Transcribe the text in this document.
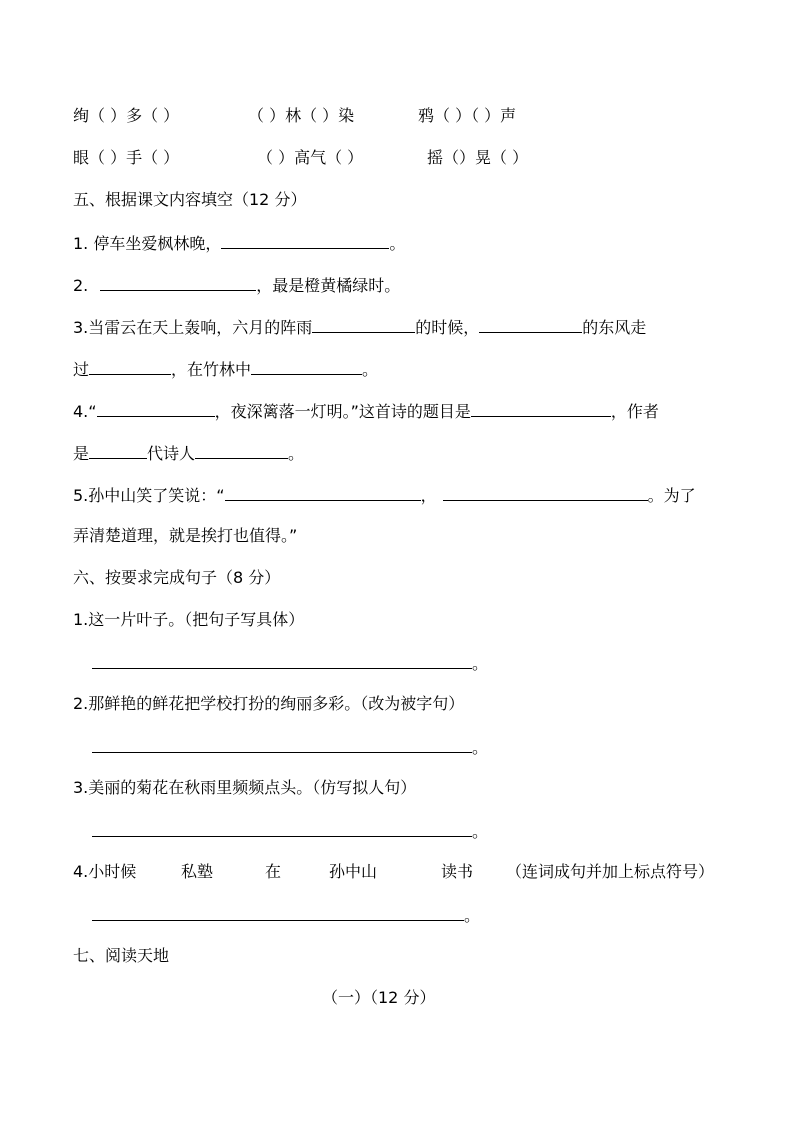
绚（ ）多（ ）	（ ）林（ ）染	鸦（ ）（ ）声
眼（ ）手（ ）	（ ）高气（ ）	摇（）晃（ ）
五、根据课文内容填空（12 分）
1. 停车坐爱枫林晚，	。
2.	，最是橙黄橘绿时。
3.当雷云在天上轰响，六月的阵雨	的时候，	的东风走
过	，在竹林中	。
4.“	，夜深篱落一灯明。”这首诗的题目是	，作者
是	代诗人	。
5.孙中山笑了笑说：“	，	。为了
弄清楚道理，就是挨打也值得。”
六、按要求完成句子（8 分）
1.这一片叶子。（把句子写具体）
。
2.那鲜艳的鲜花把学校打扮的绚丽多彩。（改为被字句）
。
3.美丽的菊花在秋雨里频频点头。（仿写拟人句）
。
4.小时候	私塾	在	孙中山	读书 （连词成句并加上标点符号）
。
七、阅读天地
（一）（12 分）
